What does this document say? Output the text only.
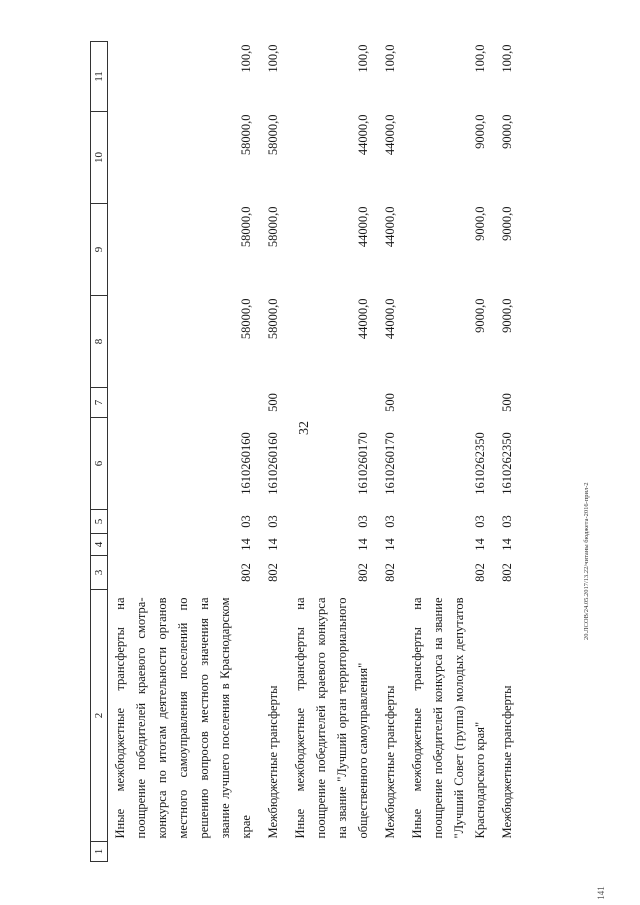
32
1	2	3	4	5	6	7	8	9	10	11
	Иные межбюджетные трансферты на поощрение победителей краевого смотра-конкурса по итогам деятельности органов местного самоуправления поселений по решению вопросов местного значения на звание лучшего поселения в Краснодарском крае	802	14	03	1610260160		58000,0	58000,0	58000,0	100,0
	Межбюджетные трансферты	802	14	03	1610260160	500	58000,0	58000,0	58000,0	100,0
	Иные межбюджетные трансферты на поощрение победителей краевого конкурса на звание "Лучший орган территориального общественного самоуправления"	802	14	03	1610260170		44000,0	44000,0	44000,0	100,0
	Межбюджетные трансферты	802	14	03	1610260170	500	44000,0	44000,0	44000,0	100,0
	Иные межбюджетные трансферты на поощрение победителей конкурса на звание "Лучший Совет (группа) молодых депутатов Краснодарского края"	802	14	03	1610262350		9000,0	9000,0	9000,0	100,0
	Межбюджетные трансферты	802	14	03	1610262350	500	9000,0	9000,0	9000,0	100,0
20.ЛСОВ/24.05.2017/13.22/читаны бюджета-2016-прил-2
141
